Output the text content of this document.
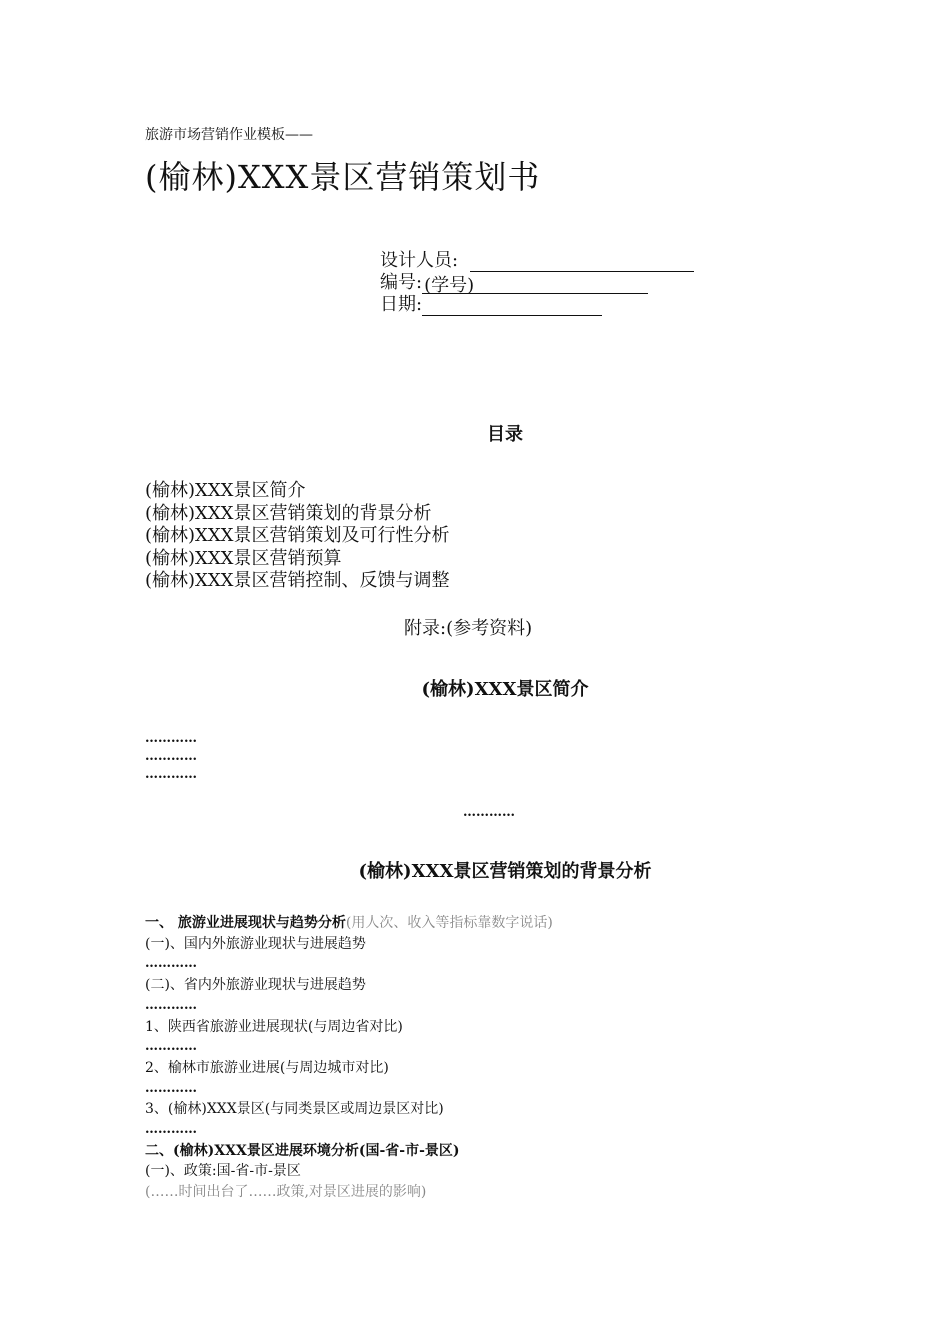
旅游市场营销作业模板——
(榆林)XXX景区营销策划书
设计人员:
编号: (学号)
日期:
目录
(榆林)XXX景区简介
(榆林)XXX景区营销策划的背景分析
(榆林)XXX景区营销策划及可行性分析
(榆林)XXX景区营销预算
(榆林)XXX景区营销控制、反馈与调整
附录:(参考资料)
(榆林)XXX景区简介
…………
…………
…………
…………
(榆林)XXX景区营销策划的背景分析
一、 旅游业进展现状与趋势分析(用人次、收入等指标靠数字说话)
(一)、国内外旅游业现状与进展趋势
…………
(二)、省内外旅游业现状与进展趋势
…………
1、陕西省旅游业进展现状(与周边省对比)
…………
2、榆林市旅游业进展(与周边城市对比)
…………
3、(榆林)XXX景区(与同类景区或周边景区对比)
…………
二、(榆林)XXX景区进展环境分析(国-省-市-景区)
(一)、政策:国-省-市-景区
(……时间出台了……政策,对景区进展的影响)
